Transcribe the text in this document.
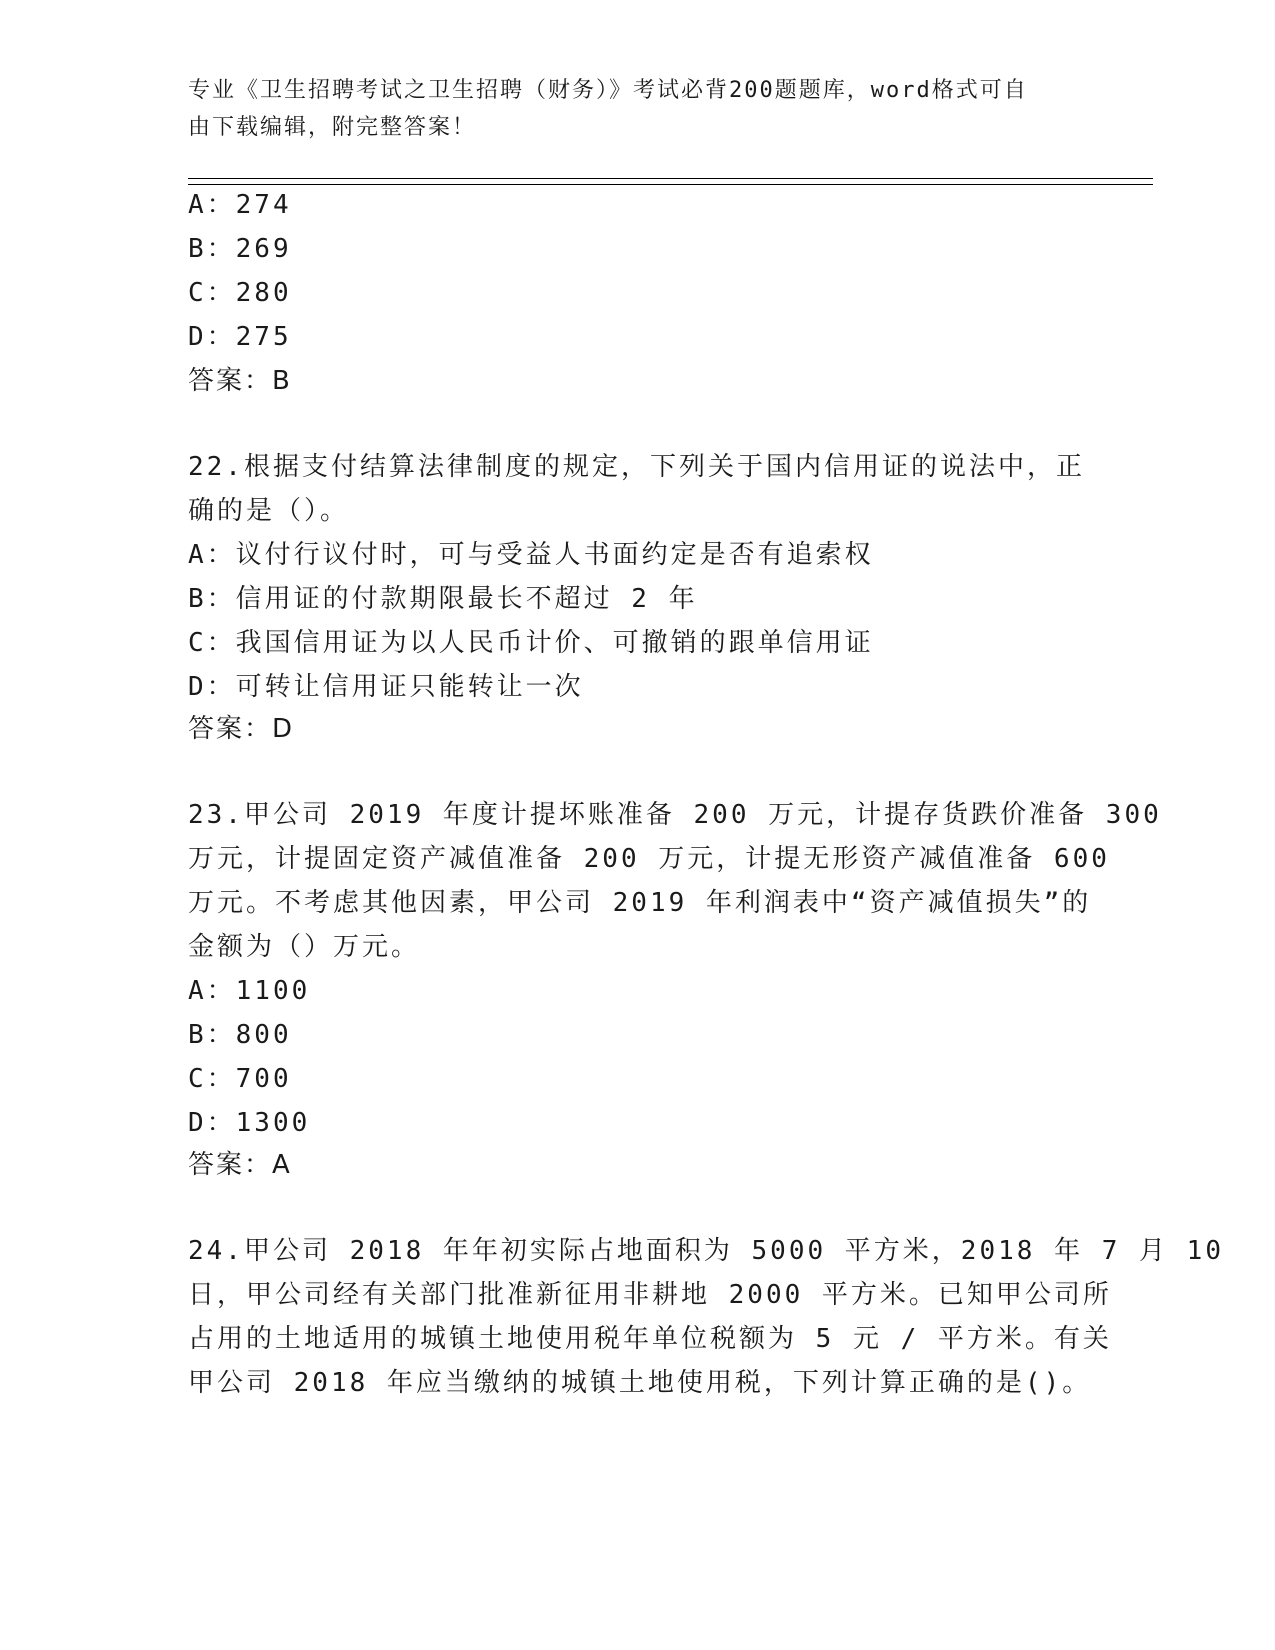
专业《卫生招聘考试之卫生招聘（财务）》考试必背200题题库，word格式可自
由下载编辑，附完整答案！
A：274
B：269
C：280
D：275
答案：B
22.根据支付结算法律制度的规定，下列关于国内信用证的说法中，正
确的是（）。
A：议付行议付时，可与受益人书面约定是否有追索权
B：信用证的付款期限最长不超过 2 年
C：我国信用证为以人民币计价、可撤销的跟单信用证
D：可转让信用证只能转让一次
答案：D
23.甲公司 2019 年度计提坏账准备 200 万元，计提存货跌价准备 300
万元，计提固定资产减值准备 200 万元，计提无形资产减值准备 600
万元。不考虑其他因素，甲公司 2019 年利润表中“资产减值损失”的
金额为（）万元。
A：1100
B：800
C：700
D：1300
答案：A
24.甲公司 2018 年年初实际占地面积为 5000 平方米，2018 年 7 月 10
日，甲公司经有关部门批准新征用非耕地 2000 平方米。已知甲公司所
占用的土地适用的城镇土地使用税年单位税额为 5 元 / 平方米。有关
甲公司 2018 年应当缴纳的城镇土地使用税，下列计算正确的是()。
